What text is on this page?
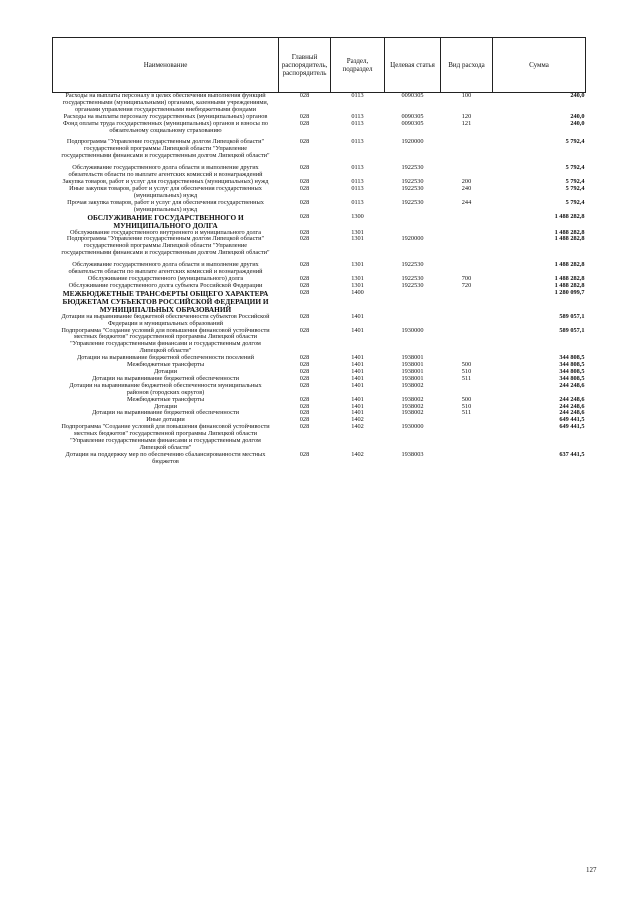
Наименование	Главный распорядитель, распорядитель	Раздел, подраздел	Целевая статья	Вид расхода	Сумма
Расходы на выплаты персоналу в целях обеспечения выполнения функций государственными (муниципальными) органами, казенными учреждениями, органами управления государственными внебюджетными фондами	028	0113	0090305	100	240,0
Расходы на выплаты персоналу государственных (муниципальных) органов	028	0113	0090305	120	240,0
Фонд оплаты труда государственных (муниципальных) органов и взносы по обязательному социальному страхованию	028	0113	0090305	121	240,0
Подпрограмма "Управление государственным долгом Липецкой области" государственной программы Липецкой области "Управление государственными финансами и государственным долгом Липецкой области"	028	0113	1920000		5 792,4
Обслуживание государственного долга области и выполнение других обязательств области по выплате агентских комиссий и вознаграждений	028	0113	1922530		5 792,4
Закупка товаров, работ и услуг для государственных (муниципальных) нужд	028	0113	1922530	200	5 792,4
Иные закупки товаров, работ и услуг для обеспечения государственных (муниципальных) нужд	028	0113	1922530	240	5 792,4
Прочая закупка товаров, работ и услуг для обеспечения государственных (муниципальных) нужд	028	0113	1922530	244	5 792,4
ОБСЛУЖИВАНИЕ ГОСУДАРСТВЕННОГО И МУНИЦИПАЛЬНОГО ДОЛГА	028	1300			1 488 282,8
Обслуживание государственного внутреннего и муниципального долга	028	1301			1 488 282,8
Подпрограмма "Управление государственным долгом Липецкой области" государственной программы Липецкой области "Управление государственными финансами и государственным долгом Липецкой области"	028	1301	1920000		1 488 282,8
Обслуживание государственного долга области и выполнение других обязательств области по выплате агентских комиссий и вознаграждений	028	1301	1922530		1 488 282,8
Обслуживание государственного (муниципального) долга	028	1301	1922530	700	1 488 282,8
Обслуживание государственного долга субъекта Российской Федерации	028	1301	1922530	720	1 488 282,8
МЕЖБЮДЖЕТНЫЕ ТРАНСФЕРТЫ ОБЩЕГО ХАРАКТЕРА БЮДЖЕТАМ СУБЪЕКТОВ РОССИЙСКОЙ ФЕДЕРАЦИИ И МУНИЦИПАЛЬНЫХ ОБРАЗОВАНИЙ	028	1400			1 280 099,7
Дотации на выравнивание бюджетной обеспеченности субъектов Российской Федерации и муниципальных образований	028	1401			589 057,1
Подпрограмма "Создание условий для повышения финансовой устойчивости местных бюджетов" государственной программы Липецкой области "Управление государственными финансами и государственным долгом Липецкой области"	028	1401	1930000		589 057,1
Дотации на выравнивание бюджетной обеспеченности поселений	028	1401	1938001		344 808,5
Межбюджетные трансферты	028	1401	1938001	500	344 808,5
Дотации	028	1401	1938001	510	344 808,5
Дотации на выравнивание бюджетной обеспеченности	028	1401	1938001	511	344 808,5
Дотации на выравнивание бюджетной обеспеченности муниципальных районов (городских округов)	028	1401	1938002		244 248,6
Межбюджетные трансферты	028	1401	1938002	500	244 248,6
Дотации	028	1401	1938002	510	244 248,6
Дотации на выравнивание бюджетной обеспеченности	028	1401	1938002	511	244 248,6
Иные дотации	028	1402			649 441,5
Подпрограмма "Создание условий для повышения финансовой устойчивости местных бюджетов" государственной программы Липецкой области "Управление государственными финансами и государственным долгом Липецкой области"	028	1402	1930000		649 441,5
Дотации на поддержку мер по обеспечению сбалансированности местных бюджетов	028	1402	1938003		637 441,5
127
